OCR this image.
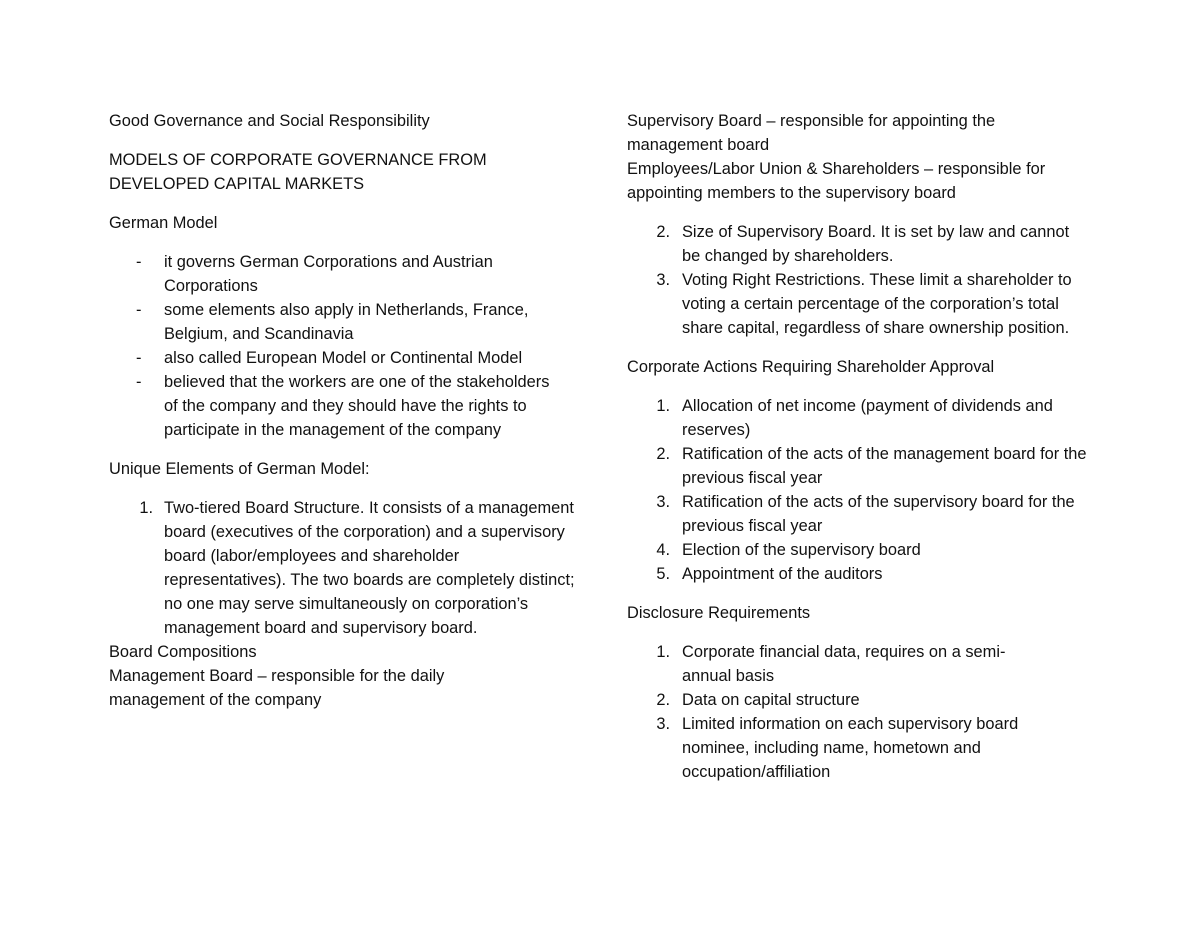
Good Governance and Social Responsibility

MODELS OF CORPORATE GOVERNANCE FROM DEVELOPED CAPITAL MARKETS

German Model

- it governs German Corporations and Austrian Corporations
- some elements also apply in Netherlands, France, Belgium, and Scandinavia
- also called European Model or Continental Model
- believed that the workers are one of the stakeholders of the company and they should have the rights to participate in the management of the company

Unique Elements of German Model:

1. Two-tiered Board Structure. It consists of a management board (executives of the corporation) and a supervisory board (labor/employees and shareholder representatives). The two boards are completely distinct; no one may serve simultaneously on corporation’s management board and supervisory board.

Board Compositions

Management Board – responsible for the daily management of the company

Supervisory Board – responsible for appointing the management board

Employees/Labor Union & Shareholders – responsible for appointing members to the supervisory board

2. Size of Supervisory Board. It is set by law and cannot be changed by shareholders.
3. Voting Right Restrictions. These limit a shareholder to voting a certain percentage of the corporation’s total share capital, regardless of share ownership position.

Corporate Actions Requiring Shareholder Approval

1. Allocation of net income (payment of dividends and reserves)
2. Ratification of the acts of the management board for the previous fiscal year
3. Ratification of the acts of the supervisory board for the previous fiscal year
4. Election of the supervisory board
5. Appointment of the auditors

Disclosure Requirements

1. Corporate financial data, requires on a semi-annual basis
2. Data on capital structure
3. Limited information on each supervisory board nominee, including name, hometown and occupation/affiliation
